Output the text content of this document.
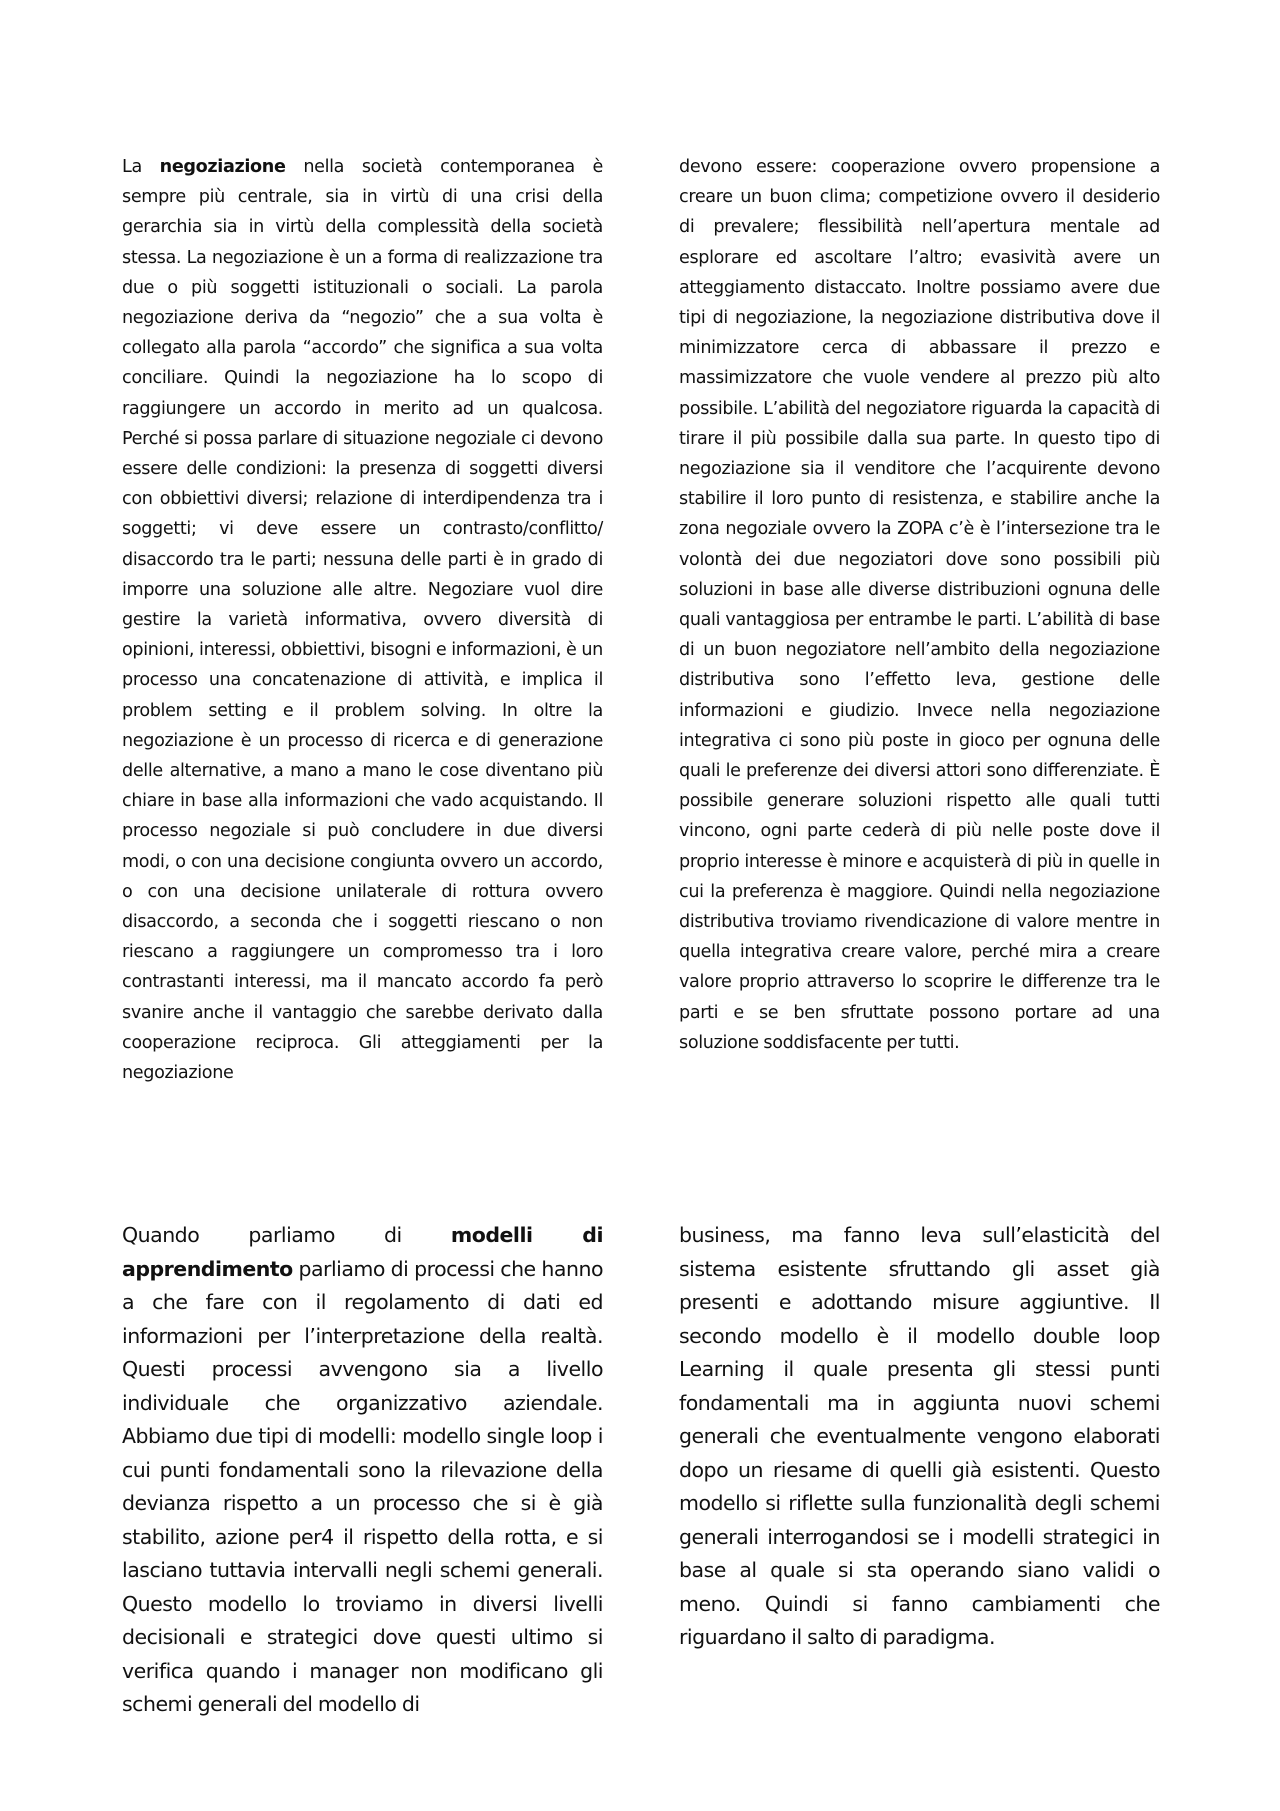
La negoziazione nella società contemporanea è sempre più centrale, sia in virtù di una crisi della gerarchia sia in virtù della complessità della società stessa. La negoziazione è un a forma di realizzazione tra due o più soggetti istituzionali o sociali. La parola negoziazione deriva da “negozio” che a sua volta è collegato alla parola “accordo” che significa a sua volta conciliare. Quindi la negoziazione ha lo scopo di raggiungere un accordo in merito ad un qualcosa. Perché si possa parlare di situazione negoziale ci devono essere delle condizioni: la presenza di soggetti diversi con obbiettivi diversi; relazione di interdipendenza tra i soggetti; vi deve essere un contrasto/conflitto/ disaccordo tra le parti; nessuna delle parti è in grado di imporre una soluzione alle altre. Negoziare vuol dire gestire la varietà informativa, ovvero diversità di opinioni, interessi, obbiettivi, bisogni e informazioni, è un processo una concatenazione di attività, e implica il problem setting e il problem solving. In oltre la negoziazione è un processo di ricerca e di generazione delle alternative, a mano a mano le cose diventano più chiare in base alla informazioni che vado acquistando. Il processo negoziale si può concludere in due diversi modi, o con una decisione congiunta ovvero un accordo, o con una decisione unilaterale di rottura ovvero disaccordo, a seconda che i soggetti riescano o non riescano a raggiungere un compromesso tra i loro contrastanti interessi, ma il mancato accordo fa però svanire anche il vantaggio che sarebbe derivato dalla cooperazione reciproca. Gli atteggiamenti per la negoziazione

devono essere: cooperazione ovvero propensione a creare un buon clima; competizione ovvero il desiderio di prevalere; flessibilità nell’apertura mentale ad esplorare ed ascoltare l’altro; evasività avere un atteggiamento distaccato. Inoltre possiamo avere due tipi di negoziazione, la negoziazione distributiva dove il minimizzatore cerca di abbassare il prezzo e massimizzatore che vuole vendere al prezzo più alto possibile. L’abilità del negoziatore riguarda la capacità di tirare il più possibile dalla sua parte. In questo tipo di negoziazione sia il venditore che l’acquirente devono stabilire il loro punto di resistenza, e stabilire anche la zona negoziale ovvero la ZOPA c’è è l’intersezione tra le volontà dei due negoziatori dove sono possibili più soluzioni in base alle diverse distribuzioni ognuna delle quali vantaggiosa per entrambe le parti. L’abilità di base di un buon negoziatore nell’ambito della negoziazione distributiva sono l’effetto leva, gestione delle informazioni e giudizio. Invece nella negoziazione integrativa ci sono più poste in gioco per ognuna delle quali le preferenze dei diversi attori sono differenziate. È possibile generare soluzioni rispetto alle quali tutti vincono, ogni parte cederà di più nelle poste dove il proprio interesse è minore e acquisterà di più in quelle in cui la preferenza è maggiore. Quindi nella negoziazione distributiva troviamo rivendicazione di valore mentre in quella integrativa creare valore, perché mira a creare valore proprio attraverso lo scoprire le differenze tra le parti e se ben sfruttate possono portare ad una soluzione soddisfacente per tutti.

Quando parliamo di modelli di apprendimento parliamo di processi che hanno a che fare con il regolamento di dati ed informazioni per l’interpretazione della realtà. Questi processi avvengono sia a livello individuale che organizzativo aziendale. Abbiamo due tipi di modelli: modello single loop i cui punti fondamentali sono la rilevazione della devianza rispetto a un processo che si è già stabilito, azione per4 il rispetto della rotta, e si lasciano tuttavia intervalli negli schemi generali. Questo modello lo troviamo in diversi livelli decisionali e strategici dove questi ultimo si verifica quando i manager non modificano gli schemi generali del modello di

business, ma fanno leva sull’elasticità del sistema esistente sfruttando gli asset già presenti e adottando misure aggiuntive. Il secondo modello è il modello double loop Learning il quale presenta gli stessi punti fondamentali ma in aggiunta nuovi schemi generali che eventualmente vengono elaborati dopo un riesame di quelli già esistenti. Questo modello si riflette sulla funzionalità degli schemi generali interrogandosi se i modelli strategici in base al quale si sta operando siano validi o meno. Quindi si fanno cambiamenti che riguardano il salto di paradigma.
